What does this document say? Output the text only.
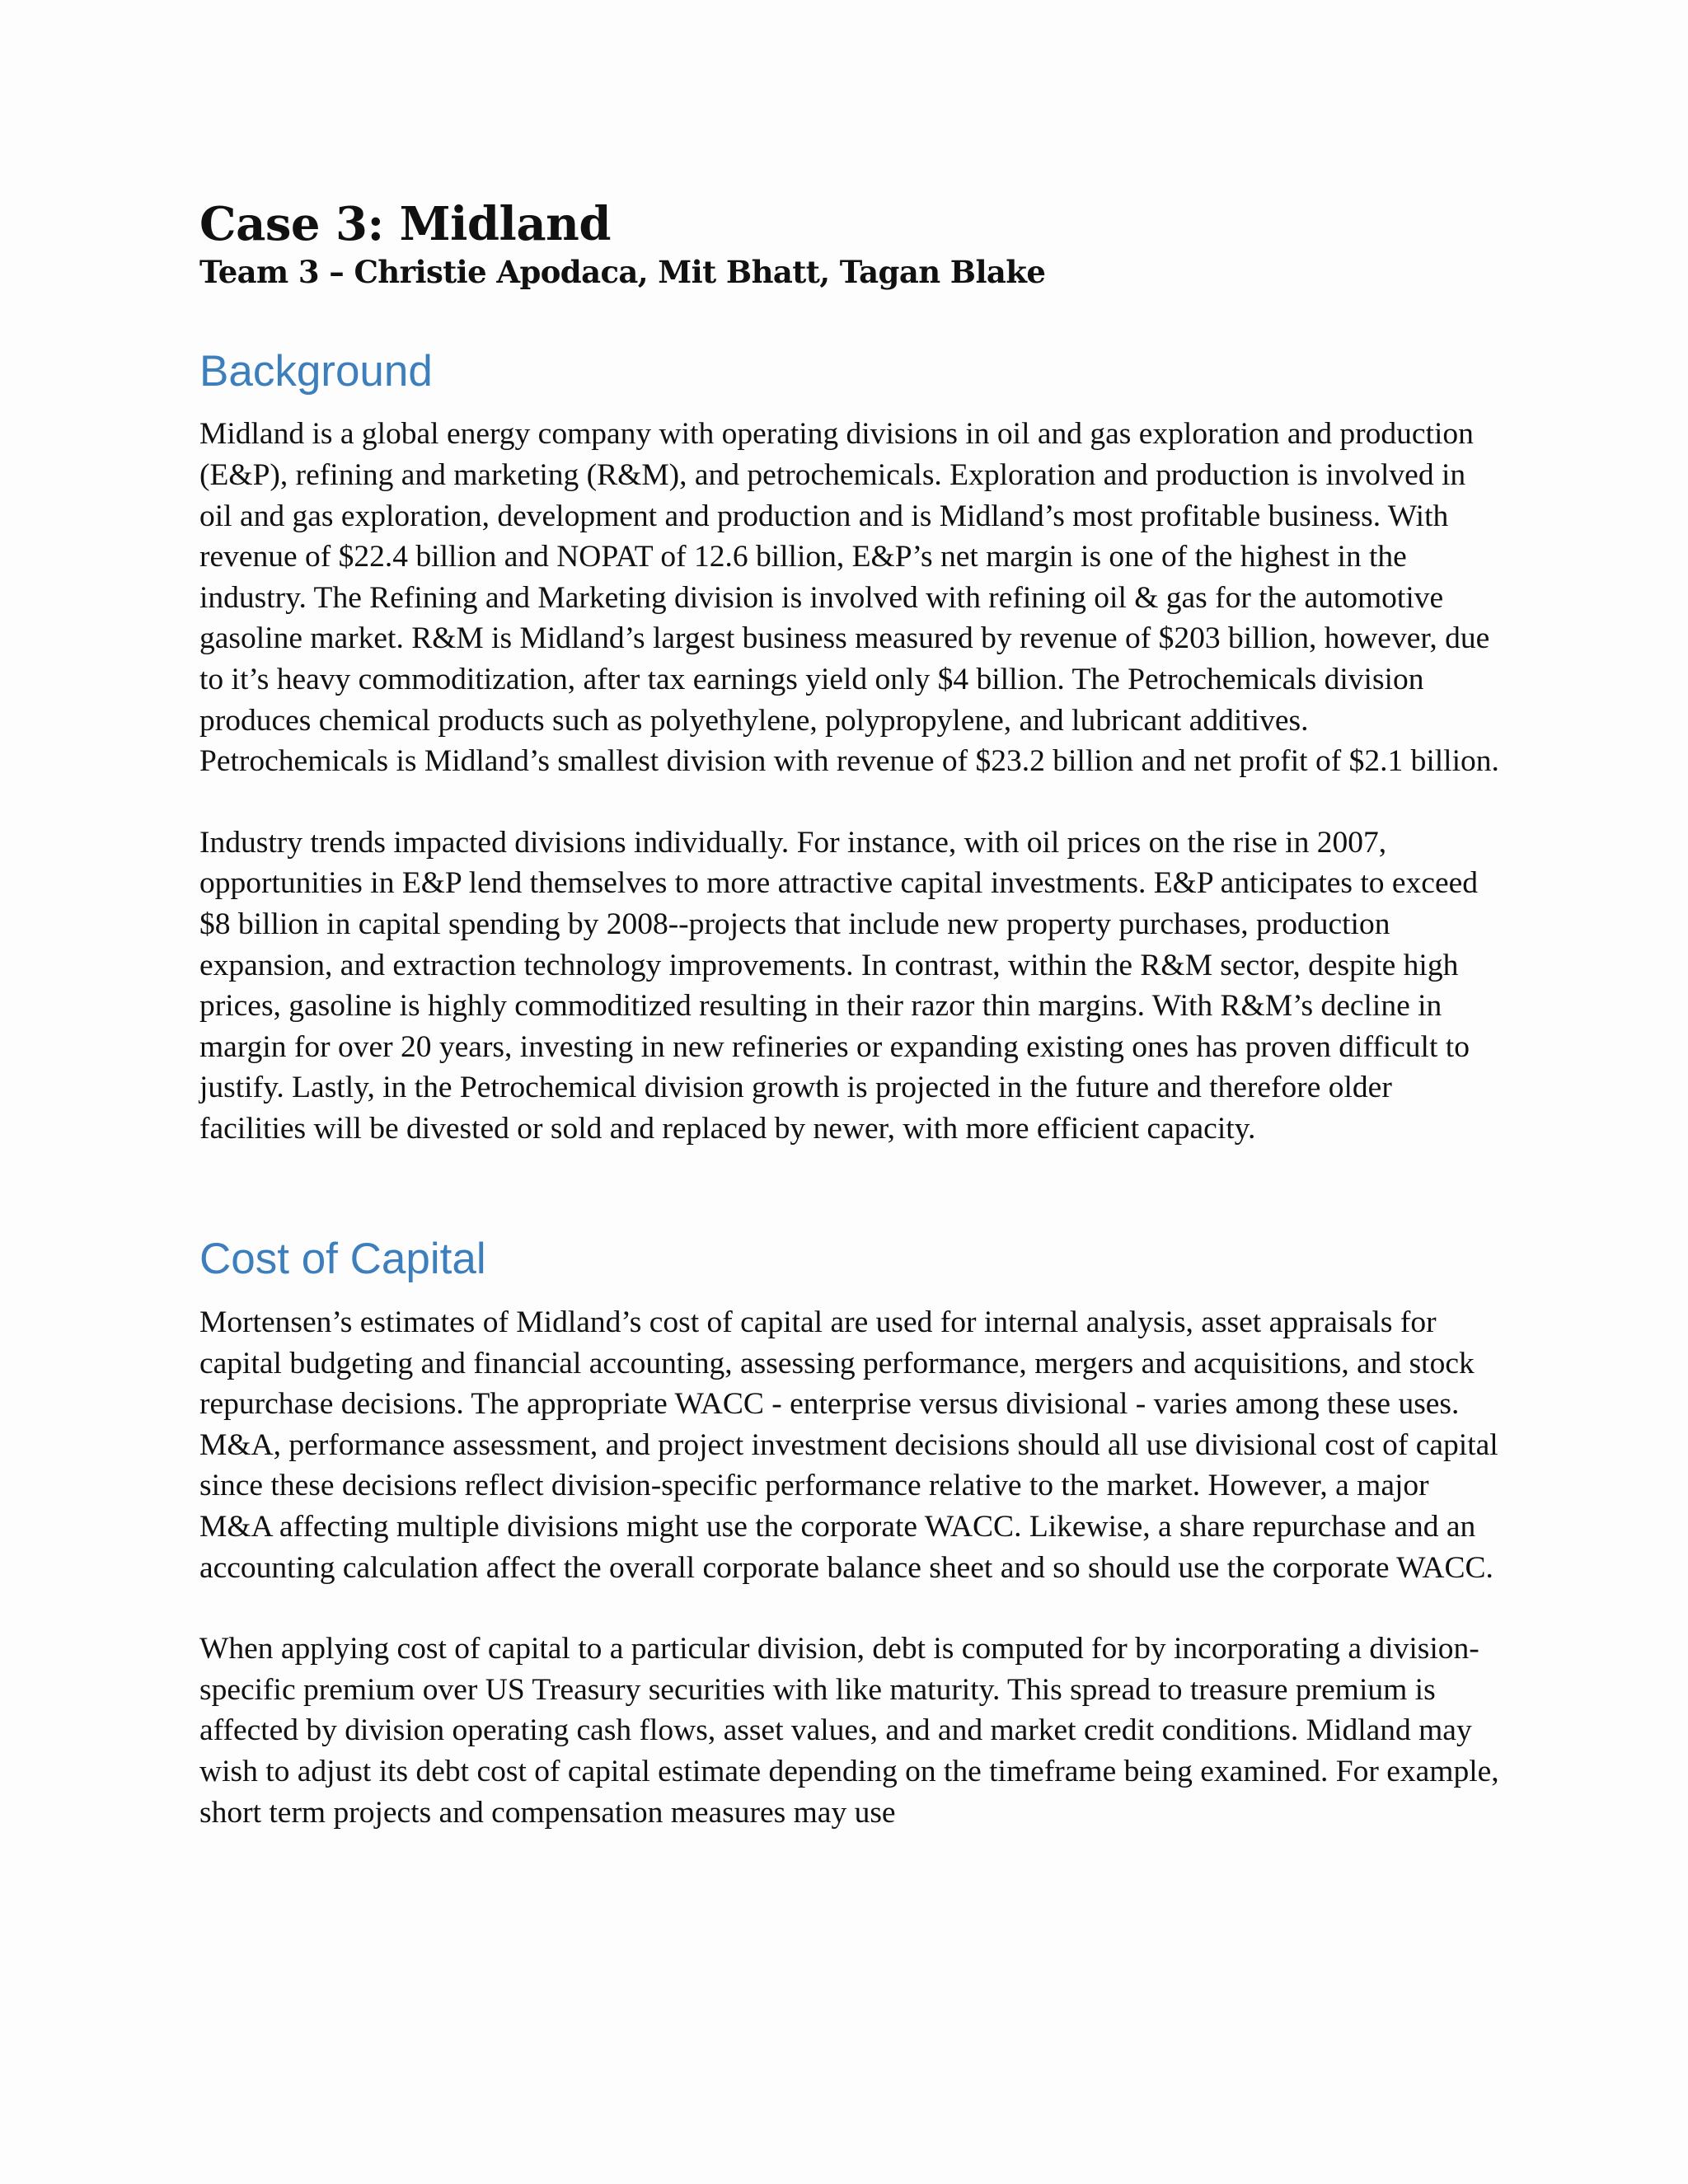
Case 3: Midland
Team 3 – Christie Apodaca, Mit Bhatt, Tagan Blake
Background

Midland is a global energy company with operating divisions in oil and gas exploration and production (E&P), refining and marketing (R&M), and petrochemicals. Exploration and production is involved in oil and gas exploration, development and production and is Midland’s most profitable business. With revenue of $22.4 billion and NOPAT of 12.6 billion, E&P’s net margin is one of the highest in the industry. The Refining and Marketing division is involved with refining oil & gas for the automotive gasoline market. R&M is Midland’s largest business measured by revenue of $203 billion, however, due to it’s heavy commoditization, after tax earnings yield only $4 billion. The Petrochemicals division produces chemical products such as polyethylene, polypropylene, and lubricant additives. Petrochemicals is Midland’s smallest division with revenue of $23.2 billion and net profit of $2.1 billion.

Industry trends impacted divisions individually. For instance, with oil prices on the rise in 2007, opportunities in E&P lend themselves to more attractive capital investments. E&P anticipates to exceed $8 billion in capital spending by 2008--projects that include new property purchases, production expansion, and extraction technology improvements. In contrast, within the R&M sector, despite high prices, gasoline is highly commoditized resulting in their razor thin margins. With R&M’s decline in margin for over 20 years, investing in new refineries or expanding existing ones has proven difficult to justify. Lastly, in the Petrochemical division growth is projected in the future and therefore older facilities will be divested or sold and replaced by newer, with more efficient capacity.

Cost of Capital

Mortensen’s estimates of Midland’s cost of capital are used for internal analysis, asset appraisals for capital budgeting and financial accounting, assessing performance, mergers and acquisitions, and stock repurchase decisions. The appropriate WACC - enterprise versus divisional - varies among these uses. M&A, performance assessment, and project investment decisions should all use divisional cost of capital since these decisions reflect division-specific performance relative to the market. However, a major M&A affecting multiple divisions might use the corporate WACC. Likewise, a share repurchase and an accounting calculation affect the overall corporate balance sheet and so should use the corporate WACC.

When applying cost of capital to a particular division, debt is computed for by incorporating a division-specific premium over US Treasury securities with like maturity. This spread to treasure premium is affected by division operating cash flows, asset values, and and market credit conditions. Midland may wish to adjust its debt cost of capital estimate depending on the timeframe being examined. For example, short term projects and compensation measures may use
